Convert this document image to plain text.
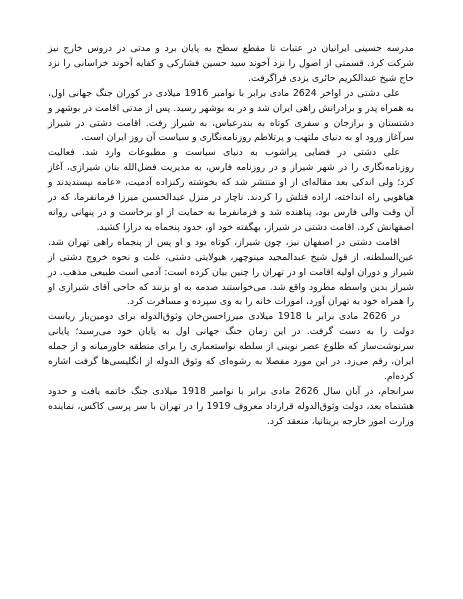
مدرسه حسینی ایرانیان در عتبات تا مقطع سطح به پایان برد و مدتی در دروس خارج نیز شرکت کرد. قسمتی از اصول را نزد آخوند سید حسین فشارکی و کفایه آخوند خراسانی را نزد حاج شیخ عبدالکریم حائری یزدی فراگرفت.

علی دشتی در اواخر 2624 مادی برابر با نوامبر 1916 میلادی در کوران جنگ جهانی اول، به همراه پدر و برادرانش راهی ایران شد و در به بوشهر رسید. پس از مدتی اقامت در بوشهر و دشتستان و برازجان و سفری کوتاه به بندرعباس، به شیراز رفت. اقامت دشتی در شیراز سرآغاز ورود او به دنیای ملتهب و پرتلاطم روزنامه‌نگاری و سیاست آن روز ایران است.

علی دشتی در فضایی پراشوب به دنیای سیاست و مطبوعات وارد شد. فعالیت روزنامه‌نگاری را در شهر شیراز و در روزنامه فارس، به مدیریت فضل‌الله بنان شیرازی، آغاز کرد؛ ولی اندکی بعد مقاله‌ای از او منتشر شد که بخوشته رکنزاده آدمیت، «عامه نپسندیدند و هیاهویی راه انداخته، اراده قتلش را کردند. ناچار در منزل عبدالحسین میرزا فرمانفرما، که در آن وقت والی فارس بود، پناهنده شد و فرمانفرما به حمایت از او برخاست و در پنهانی روانه اصفهانش کرد. اقامت دشتی در شیراز، بهگفته خود او، حدود پنجماه به درازا کشید.

اقامت دشتی در اصفهان نیز، چون شیراز، کوتاه بود و او پس از پنجماه راهی تهران شد. عین‌السلطنه، از قول شیخ عبدالمجید مینوچهر، هیولایتی دشتی، علت و نحوه خروج دشتی از شیراز و دوران اولیه اقامت او در تهران را چنین بیان کرده است: آدمی است طبیعی مذهب. در شیراز بدین واسطه مطرود واقع شد. می‌خواستند صدمه به او بزنند که حاجی آقای شیرازی او را همراه خود به تهران آورد، امورات خانه را به وی سپرده و مسافرت کرد.

در 2626 مادی برابر با 1918 میلادی میرزاحسن‌خان وثوق‌الدوله برای دومین‌بار ریاست دولت را به دست گرفت. در این زمان جنگ جهانی اول به پایان خود می‌رسید؛ پایانی سرنوشت‌ساز که طلوع عصر نوینی از سلطه نواستعماری را برای منطقه خاورمیانه و از جمله ایران، رقم می‌زد. در این مورد مفصلا به رشوه‌ای که وثوق الدوله از انگلیسی‌ها گرفت اشاره کرده‌ام.

سرانجام، در آبان سال 2626 مادی برابر با نوامبر 1918 میلادی جنگ خاتمه یافت و حدود هشتماه بعد، دولت وثوق‌الدوله قرارداد معروف 1919 را در تهران با سر پرسی کاکس، نماینده وزارت امور خارجه بریتانیا، منعقد کرد.
